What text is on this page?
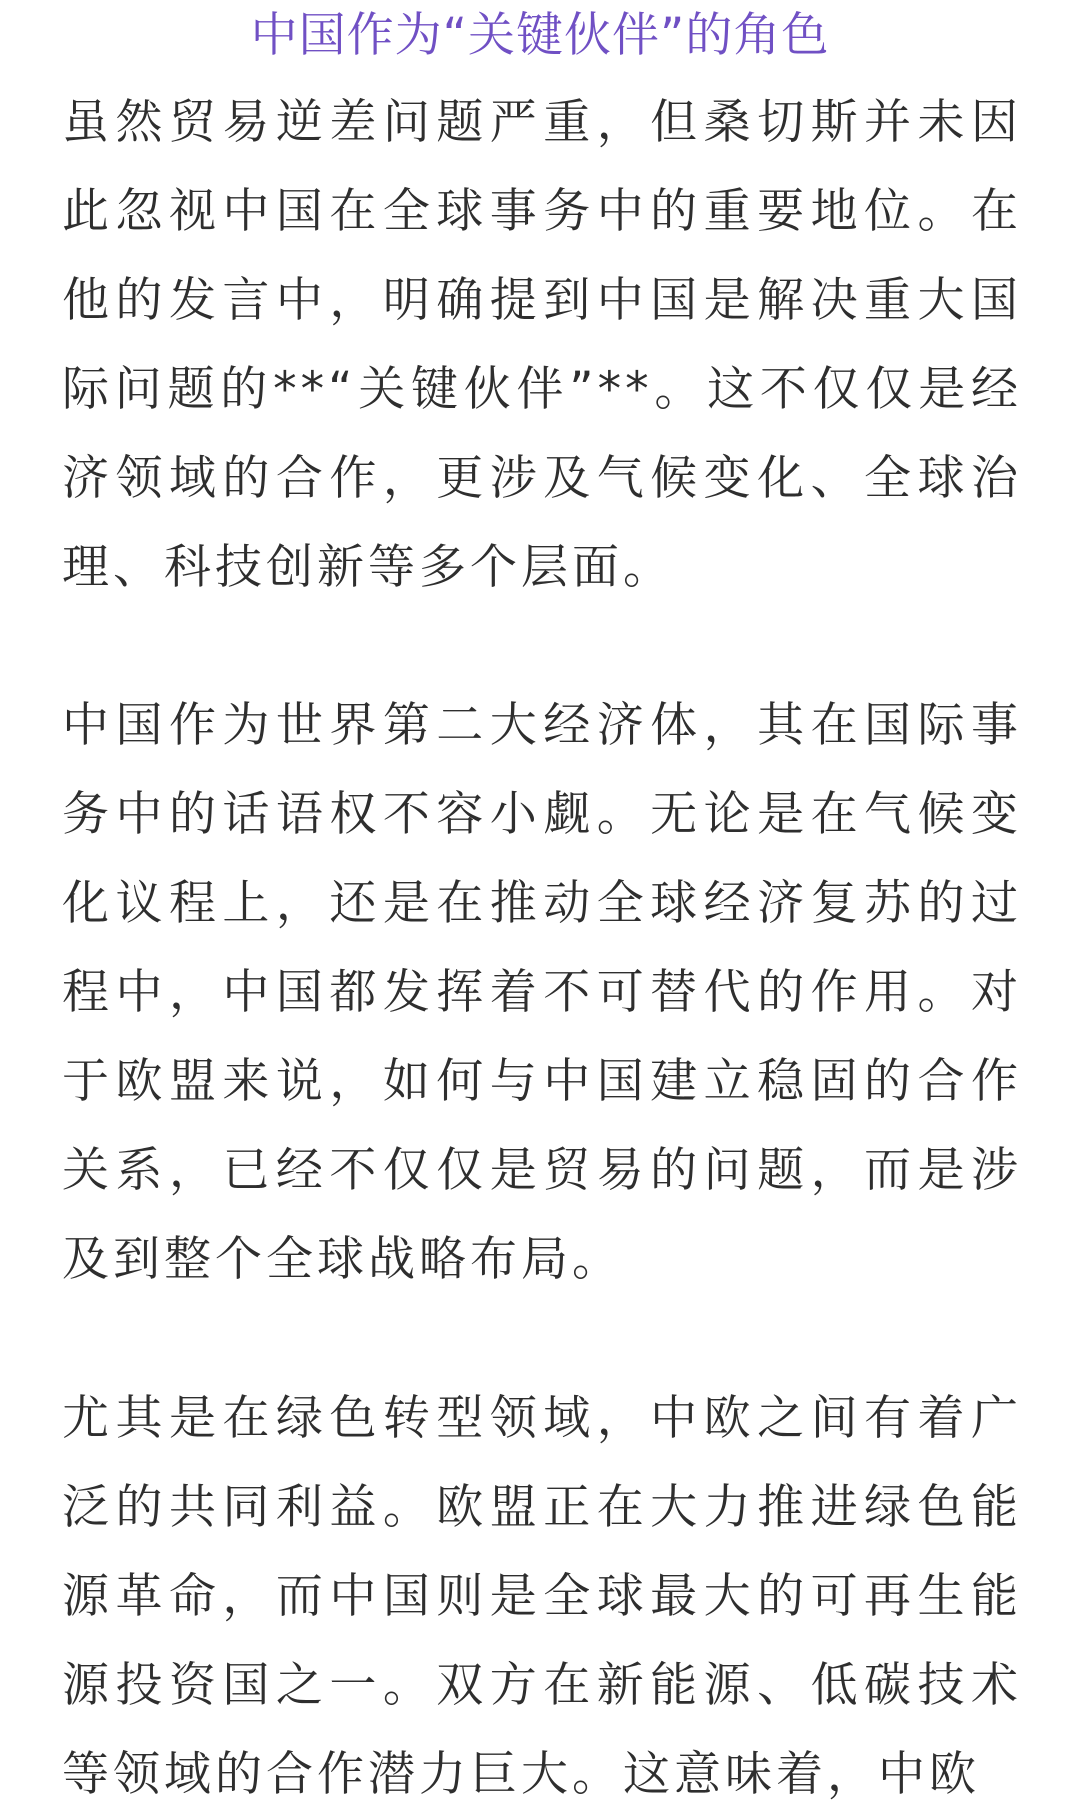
中国作为“关键伙伴”的角色

虽然贸易逆差问题严重，但桑切斯并未因此忽视中国在全球事务中的重要地位。在他的发言中，明确提到中国是解决重大国际问题的**“关键伙伴”**。这不仅仅是经济领域的合作，更涉及气候变化、全球治理、科技创新等多个层面。

中国作为世界第二大经济体，其在国际事务中的话语权不容小觑。无论是在气候变化议程上，还是在推动全球经济复苏的过程中，中国都发挥着不可替代的作用。对于欧盟来说，如何与中国建立稳固的合作关系，已经不仅仅是贸易的问题，而是涉及到整个全球战略布局。

尤其是在绿色转型领域，中欧之间有着广泛的共同利益。欧盟正在大力推进绿色能源革命，而中国则是全球最大的可再生能源投资国之一。双方在新能源、低碳技术等领域的合作潜力巨大。这意味着，中欧
